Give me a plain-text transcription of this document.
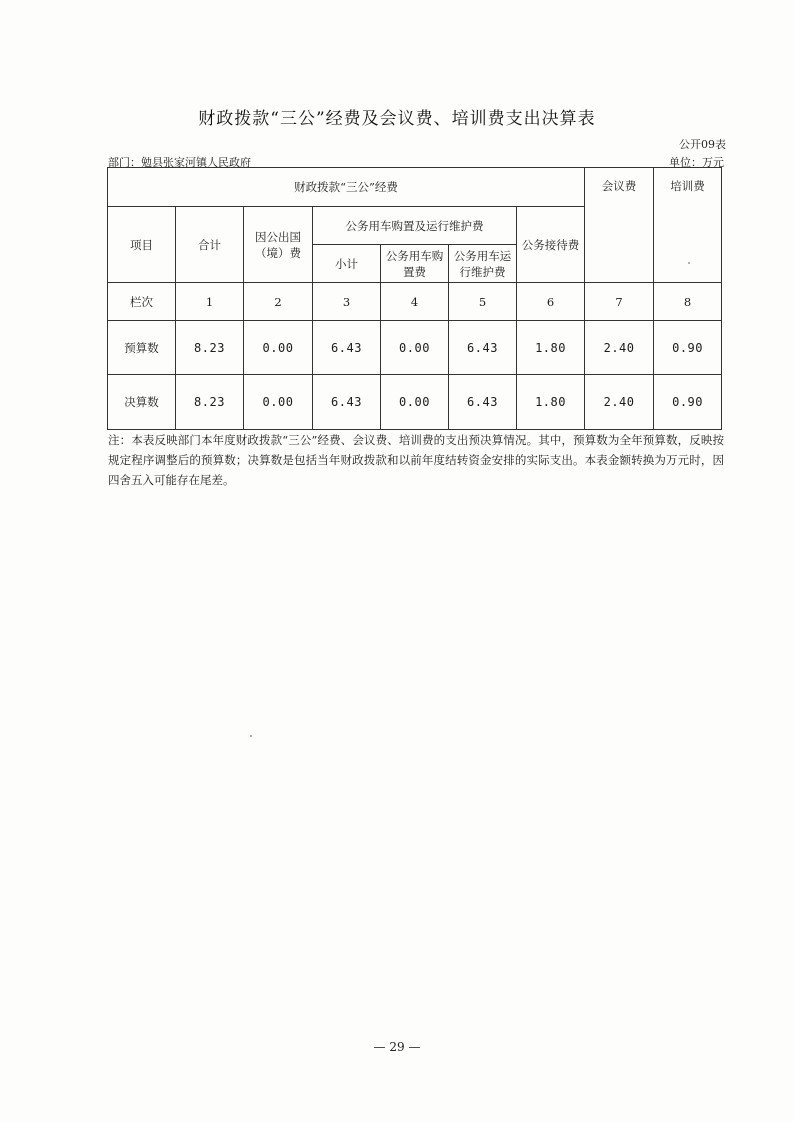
财政拨款“三公”经费及会议费、培训费支出决算表
公开09表
部门：勉县张家河镇人民政府	单位：万元
财政拨款“三公”经费							会议费	培训费
项目	合计	因公出国（境）费	公务用车购置及运行维护费			公务接待费		
			小计	公务用车购置费	公务用车运行维护费			
栏次	1	2	3	4	5	6	7	8
预算数	8.23	0.00	6.43	0.00	6.43	1.80	2.40	0.90
决算数	8.23	0.00	6.43	0.00	6.43	1.80	2.40	0.90
注：本表反映部门本年度财政拨款“三公”经费、会议费、培训费的支出预决算情况。其中，预算数为全年预算数，反映按规定程序调整后的预算数；决算数是包括当年财政拨款和以前年度结转资金安排的实际支出。本表金额转换为万元时，因四舍五入可能存在尾差。
— 29 —
